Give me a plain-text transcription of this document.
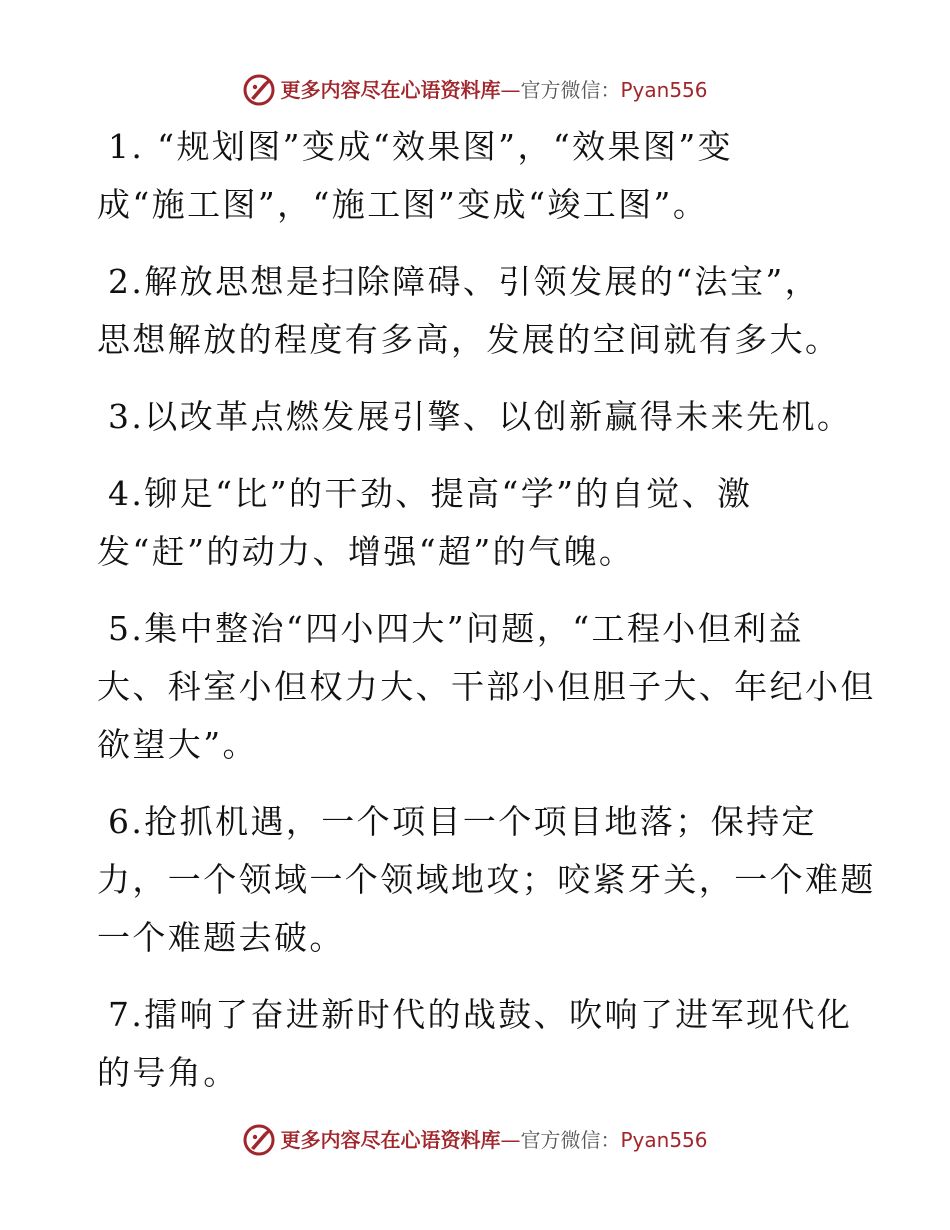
更多内容尽在心语资料库 — 官方微信： Pyan556
1. “规划图”变成“效果图”，“效果图”变
成“施工图”，“施工图”变成“竣工图”。
2.解放思想是扫除障碍、引领发展的“法宝”，
思想解放的程度有多高，发展的空间就有多大。
3.以改革点燃发展引擎、以创新赢得未来先机。
4.铆足“比”的干劲、提高“学”的自觉、激
发“赶”的动力、增强“超”的气魄。
5.集中整治“四小四大”问题，“工程小但利益
大、科室小但权力大、干部小但胆子大、年纪小但
欲望大”。
6.抢抓机遇，一个项目一个项目地落；保持定
力，一个领域一个领域地攻；咬紧牙关，一个难题
一个难题去破。
7.擂响了奋进新时代的战鼓、吹响了进军现代化
的号角。
更多内容尽在心语资料库 — 官方微信： Pyan556
